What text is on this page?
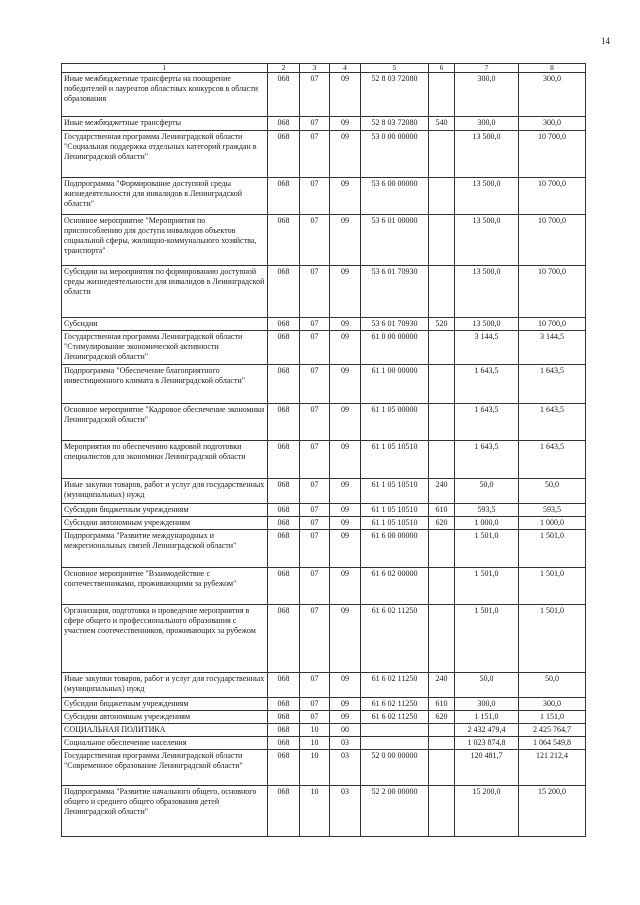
14
1	2	3	4	5	6	7	8
Иные межбюджетные трансферты на поощрение победителей и лауреатов областных конкурсов в области образования	068	07	09	52 8 03 72080		300,0	300,0
Иные межбюджетные трансферты	068	07	09	52 8 03 72080	540	300,0	300,0
Государственная программа Ленинградской области "Социальная поддержка отдельных категорий граждан в Ленинградской области"	068	07	09	53 0 00 00000		13 500,0	10 700,0
Подпрограмма "Формирование доступной среды жизнедеятельности для инвалидов в Ленинградской области"	068	07	09	53 6 00 00000		13 500,0	10 700,0
Основное мероприятие "Мероприятия по приспособлению для доступа инвалидов объектов социальной сферы, жилищно-коммунального хозяйства, транспорта"	068	07	09	53 6 01 00000		13 500,0	10 700,0
Субсидии на мероприятия по формированию доступной среды жизнедеятельности для инвалидов в Ленинградской области	068	07	09	53 6 01 70930		13 500,0	10 700,0
Субсидии	068	07	09	53 6 01 70930	520	13 500,0	10 700,0
Государственная программа Ленинградской области "Стимулирование экономической активности Ленинградской области"	068	07	09	61 0 00 00000		3 144,5	3 144,5
Подпрограмма "Обеспечение благоприятного инвестиционного климата в Ленинградской области"	068	07	09	61 1 00 00000		1 643,5	1 643,5
Основное мероприятие "Кадровое обеспечение экономики Ленинградской области"	068	07	09	61 1 05 00000		1 643,5	1 643,5
Мероприятия по обеспечению кадровой подготовки специалистов для экономики Ленинградской области	068	07	09	61 1 05 10510		1 643,5	1 643,5
Иные закупки товаров, работ и услуг для государственных (муниципальных) нужд	068	07	09	61 1 05 10510	240	50,0	50,0
Субсидии бюджетным учреждениям	068	07	09	61 1 05 10510	610	593,5	593,5
Субсидии автономным учреждениям	068	07	09	61 1 05 10510	620	1 000,0	1 000,0
Подпрограмма "Развитие международных и межрегиональных связей Ленинградской области"	068	07	09	61 6 00 00000		1 501,0	1 501,0
Основное мероприятие "Взаимодействие с соотечественниками, проживающими за рубежом"	068	07	09	61 6 02 00000		1 501,0	1 501,0
Организация, подготовка и проведение мероприятия в сфере общего и профессионального образования с участием соотечественников, проживающих за рубежом	068	07	09	61 6 02 11250		1 501,0	1 501,0
Иные закупки товаров, работ и услуг для государственных (муниципальных) нужд	068	07	09	61 6 02 11250	240	50,0	50,0
Субсидии бюджетным учреждениям	068	07	09	61 6 02 11250	610	300,0	300,0
Субсидии автономным учреждениям	068	07	09	61 6 02 11250	620	1 151,0	1 151,0
СОЦИАЛЬНАЯ ПОЛИТИКА	068	10	00			2 432 479,4	2 425 764,7
Социальное обеспечение населения	068	10	03			1 023 874,8	1 064 549,8
Государственная программа Ленинградской области "Современное образование Ленинградской области"	068	10	03	52 0 00 00000		120 481,7	121 212,4
Подпрограмма "Развитие начального общего, основного общего и среднего общего образования детей Ленинградской области"	068	10	03	52 2 00 00000		15 200,0	15 200,0
